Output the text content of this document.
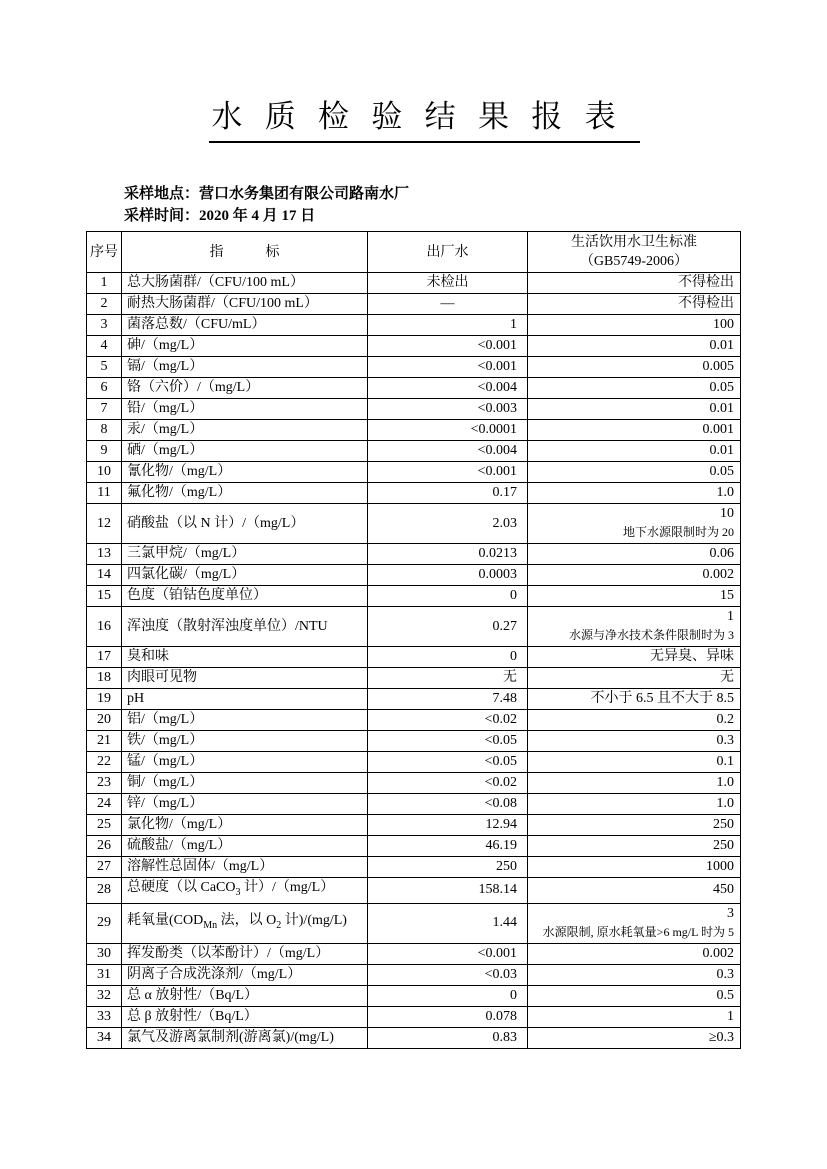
水质检验结果报表
采样地点：营口水务集团有限公司路南水厂
采样时间：2020 年 4 月 17 日
序号	指　　　标	出厂水	生活饮用水卫生标准
（GB5749-2006）

1	总大肠菌群/（CFU/100 mL）	未检出	不得检出

2	耐热大肠菌群/（CFU/100 mL）	—	不得检出

3	菌落总数/（CFU/mL）	1	100

4	砷/（mg/L）	<0.001	0.01

5	镉/（mg/L）	<0.001	0.005

6	铬（六价）/（mg/L）	<0.004	0.05

7	铅/（mg/L）	<0.003	0.01

8	汞/（mg/L）	<0.0001	0.001

9	硒/（mg/L）	<0.004	0.01

10	氰化物/（mg/L）	<0.001	0.05

11	氟化物/（mg/L）	0.17	1.0

12	硝酸盐（以 N 计）/（mg/L）	2.03	10
地下水源限制时为 20

13	三氯甲烷/（mg/L）	0.0213	0.06

14	四氯化碳/（mg/L）	0.0003	0.002

15	色度（铂钴色度单位）	0	15

16	浑浊度（散射浑浊度单位）/NTU	0.27	1
水源与净水技术条件限制时为 3

17	臭和味	0	无异臭、异味

18	肉眼可见物	无	无

19	pH	7.48	不小于 6.5 且不大于 8.5

20	铝/（mg/L）	<0.02	0.2

21	铁/（mg/L）	<0.05	0.3

22	锰/（mg/L）	<0.05	0.1

23	铜/（mg/L）	<0.02	1.0

24	锌/（mg/L）	<0.08	1.0

25	氯化物/（mg/L）	12.94	250

26	硫酸盐/（mg/L）	46.19	250

27	溶解性总固体/（mg/L）	250	1000

28	总硬度（以 CaCO$_3$ 计）/（mg/L）	158.14	450

29	耗氧量($COD_{Mn}$ 法，以 $O_2$ 计)/(mg/L)	1.44	3
水源限制, 原水耗氧量>6 mg/L 时为 5

30	挥发酚类（以苯酚计）/（mg/L）	<0.001	0.002

31	阴离子合成洗涤剂/（mg/L）	<0.03	0.3

32	总 α 放射性/（Bq/L）	0	0.5

33	总 β 放射性/（Bq/L）	0.078	1

34	氯气及游离氯制剂(游离氯)/(mg/L)	0.83	≥0.3
